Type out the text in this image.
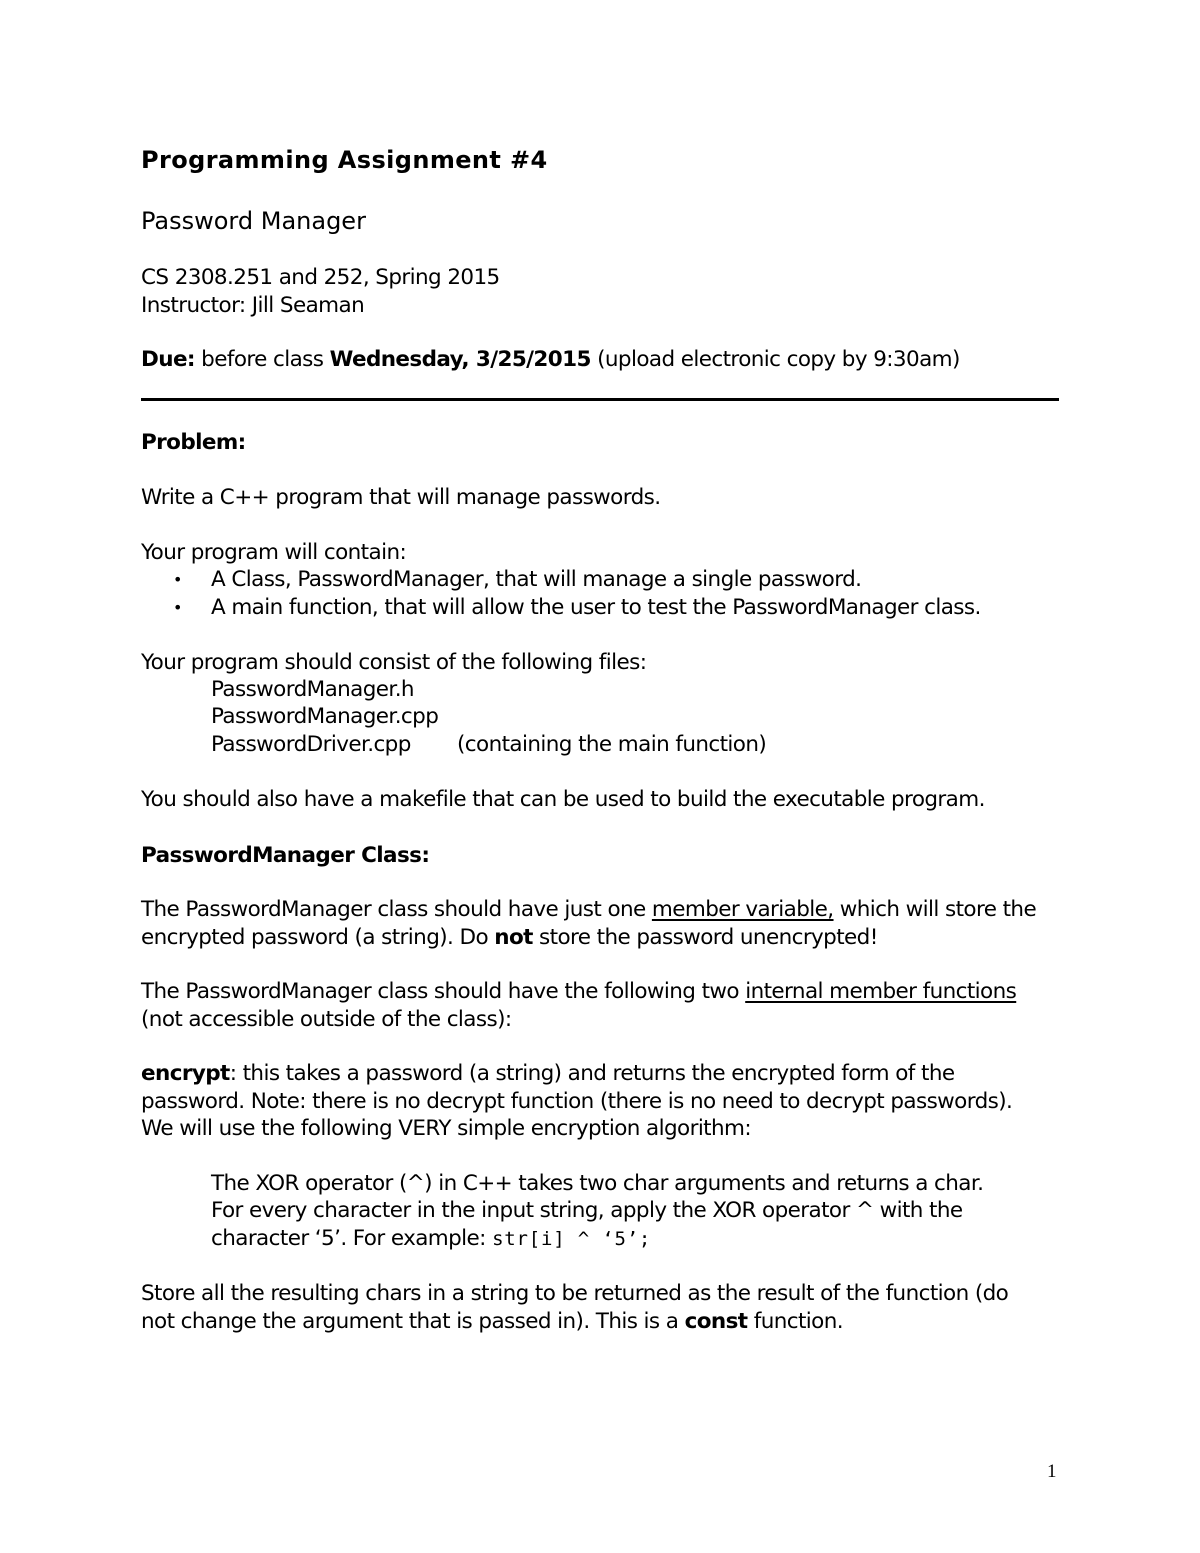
Programming Assignment #4
Password Manager
CS 2308.251 and 252, Spring 2015
Instructor: Jill Seaman
Due: before class Wednesday, 3/25/2015 (upload electronic copy by 9:30am)
Problem:
Write a C++ program that will manage passwords.
Your program will contain:
• A Class, PasswordManager, that will manage a single password.
• A main function, that will allow the user to test the PasswordManager class.
Your program should consist of the following files:
PasswordManager.h
PasswordManager.cpp
PasswordDriver.cpp (containing the main function)
You should also have a makefile that can be used to build the executable program.
PasswordManager Class:
The PasswordManager class should have just one member variable, which will store the
encrypted password (a string). Do not store the password unencrypted!
The PasswordManager class should have the following two internal member functions
(not accessible outside of the class):
encrypt: this takes a password (a string) and returns the encrypted form of the
password. Note: there is no decrypt function (there is no need to decrypt passwords).
We will use the following VERY simple encryption algorithm:
The XOR operator (^) in C++ takes two char arguments and returns a char.
For every character in the input string, apply the XOR operator ^ with the
character ‘5’. For example: str[i] ^ ‘5’;
Store all the resulting chars in a string to be returned as the result of the function (do
not change the argument that is passed in). This is a const function.
1
